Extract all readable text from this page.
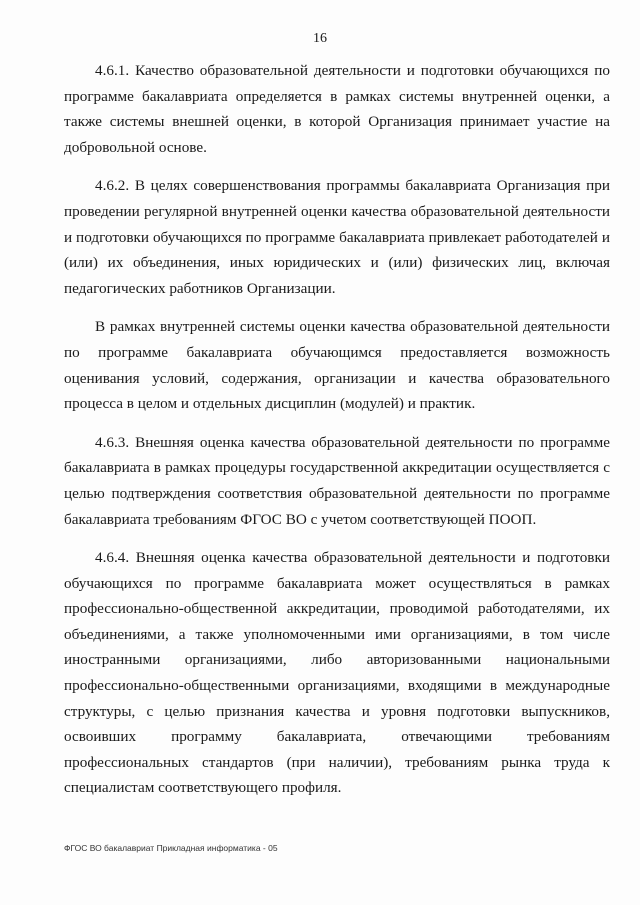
16

4.6.1. Качество образовательной деятельности и подготовки обучающихся по программе бакалавриата определяется в рамках системы внутренней оценки, а также системы внешней оценки, в которой Организация принимает участие на добровольной основе.

4.6.2. В целях совершенствования программы бакалавриата Организация при проведении регулярной внутренней оценки качества образовательной деятельности и подготовки обучающихся по программе бакалавриата привлекает работодателей и (или) их объединения, иных юридических и (или) физических лиц, включая педагогических работников Организации.

В рамках внутренней системы оценки качества образовательной деятельности по программе бакалавриата обучающимся предоставляется возможность оценивания условий, содержания, организации и качества образовательного процесса в целом и отдельных дисциплин (модулей) и практик.

4.6.3. Внешняя оценка качества образовательной деятельности по программе бакалавриата в рамках процедуры государственной аккредитации осуществляется с целью подтверждения соответствия образовательной деятельности по программе бакалавриата требованиям ФГОС ВО с учетом соответствующей ПООП.

4.6.4. Внешняя оценка качества образовательной деятельности и подготовки обучающихся по программе бакалавриата может осуществляться в рамках профессионально-общественной аккредитации, проводимой работодателями, их объединениями, а также уполномоченными ими организациями, в том числе иностранными организациями, либо авторизованными национальными профессионально-общественными организациями, входящими в международные структуры, с целью признания качества и уровня подготовки выпускников, освоивших программу бакалавриата, отвечающими требованиям профессиональных стандартов (при наличии), требованиям рынка труда к специалистам соответствующего профиля.

ФГОС ВО бакалавриат Прикладная информатика - 05
